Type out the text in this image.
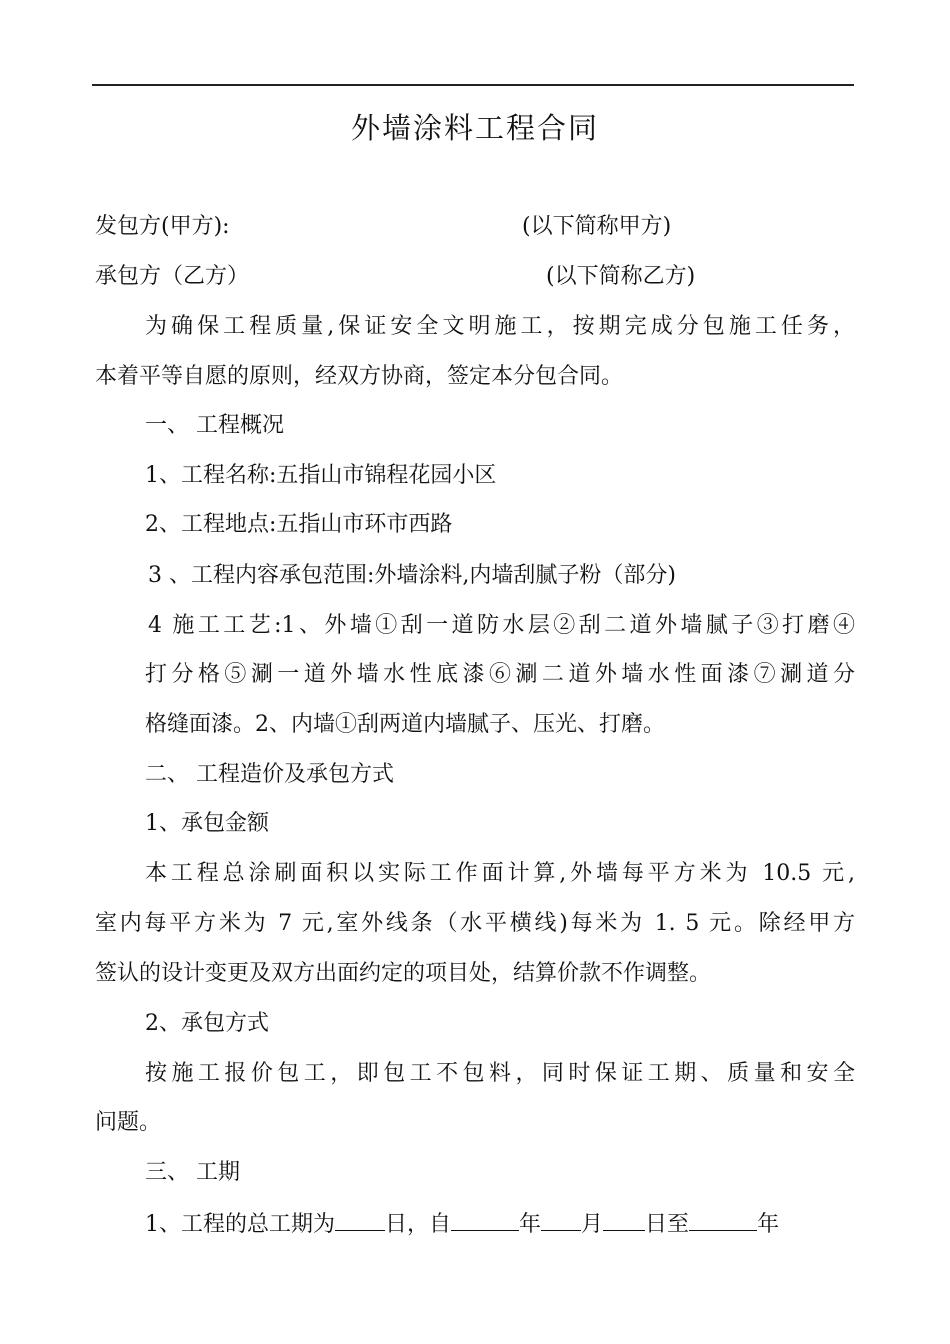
外墙涂料工程合同
发包方(甲方):	(以下简称甲方)
承包方（乙方）	(以下简称乙方)
为确保工程质量,保证安全文明施工，按期完成分包施工任务，
本着平等自愿的原则，经双方协商，签定本分包合同。
一、 工程概况
1、工程名称:五指山市锦程花园小区
2、工程地点:五指山市环市西路
3 、工程内容承包范围:外墙涂料,内墙刮腻子粉（部分)
4 施工工艺:1、外墙①刮一道防水层②刮二道外墙腻子③打磨④
打分格⑤涮一道外墙水性底漆⑥涮二道外墙水性面漆⑦涮道分
格缝面漆。2、内墙①刮两道内墙腻子、压光、打磨。
二、 工程造价及承包方式
1、承包金额
本工程总涂刷面积以实际工作面计算,外墙每平方米为 10.5 元,
室内每平方米为 7 元,室外线条（水平横线)每米为 1. 5 元。除经甲方
签认的设计变更及双方出面约定的项目处，结算价款不作调整。
2、承包方式
按施工报价包工，即包工不包料，同时保证工期、质量和安全
问题。
三、 工期
1、工程的总工期为 日，自	年 月 日至	年
